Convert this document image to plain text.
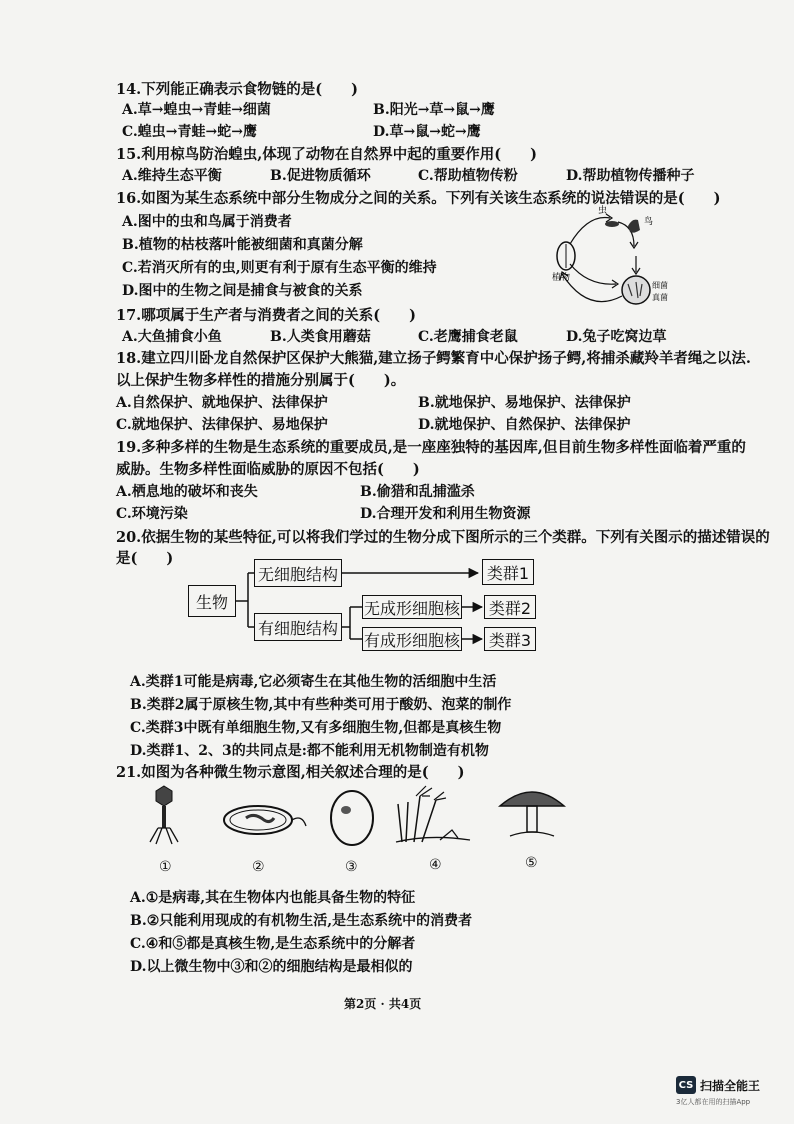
14.下列能正确表示食物链的是(　　)
A.草→蝗虫→青蛙→细菌	B.阳光→草→鼠→鹰
C.蝗虫→青蛙→蛇→鹰	D.草→鼠→蛇→鹰
15.利用椋鸟防治蝗虫,体现了动物在自然界中起的重要作用(　　)
A.维持生态平衡	B.促进物质循环	C.帮助植物传粉	D.帮助植物传播种子
16.如图为某生态系统中部分生物成分之间的关系。下列有关该生态系统的说法错误的是(　　)
A.图中的虫和鸟属于消费者
B.植物的枯枝落叶能被细菌和真菌分解
C.若消灭所有的虫,则更有利于原有生态平衡的维持
D.图中的生物之间是捕食与被食的关系
虫
鸟
植物
细菌
真菌
17.哪项属于生产者与消费者之间的关系(　　)
A.大鱼捕食小鱼	B.人类食用蘑菇	C.老鹰捕食老鼠	D.兔子吃窝边草
18.建立四川卧龙自然保护区保护大熊猫,建立扬子鳄繁育中心保护扬子鳄,将捕杀藏羚羊者绳之以法.
以上保护生物多样性的措施分别属于(　　)。
A.自然保护、就地保护、法律保护	B.就地保护、易地保护、法律保护
C.就地保护、法律保护、易地保护	D.就地保护、自然保护、法律保护
19.多种多样的生物是生态系统的重要成员,是一座座独特的基因库,但目前生物多样性面临着严重的
威胁。生物多样性面临威胁的原因不包括(　　)
A.栖息地的破坏和丧失	B.偷猎和乱捕滥杀
C.环境污染	D.合理开发和利用生物资源
20.依据生物的某些特征,可以将我们学过的生物分成下图所示的三个类群。下列有关图示的描述错误的
是(　　)
生物
无细胞结构
有细胞结构
无成形细胞核
有成形细胞核
类群1
类群2
类群3
A.类群1可能是病毒,它必须寄生在其他生物的活细胞中生活
B.类群2属于原核生物,其中有些种类可用于酸奶、泡菜的制作
C.类群3中既有单细胞生物,又有多细胞生物,但都是真核生物
D.类群1、2、3的共同点是:都不能利用无机物制造有机物
21.如图为各种微生物示意图,相关叙述合理的是(　　)
①	②	③	④	⑤
A.①是病毒,其在生物体内也能具备生物的特征
B.②只能利用现成的有机物生活,是生态系统中的消费者
C.④和⑤都是真核生物,是生态系统中的分解者
D.以上微生物中③和②的细胞结构是最相似的
第2页 · 共4页
CS 扫描全能王
3亿人都在用的扫描App
